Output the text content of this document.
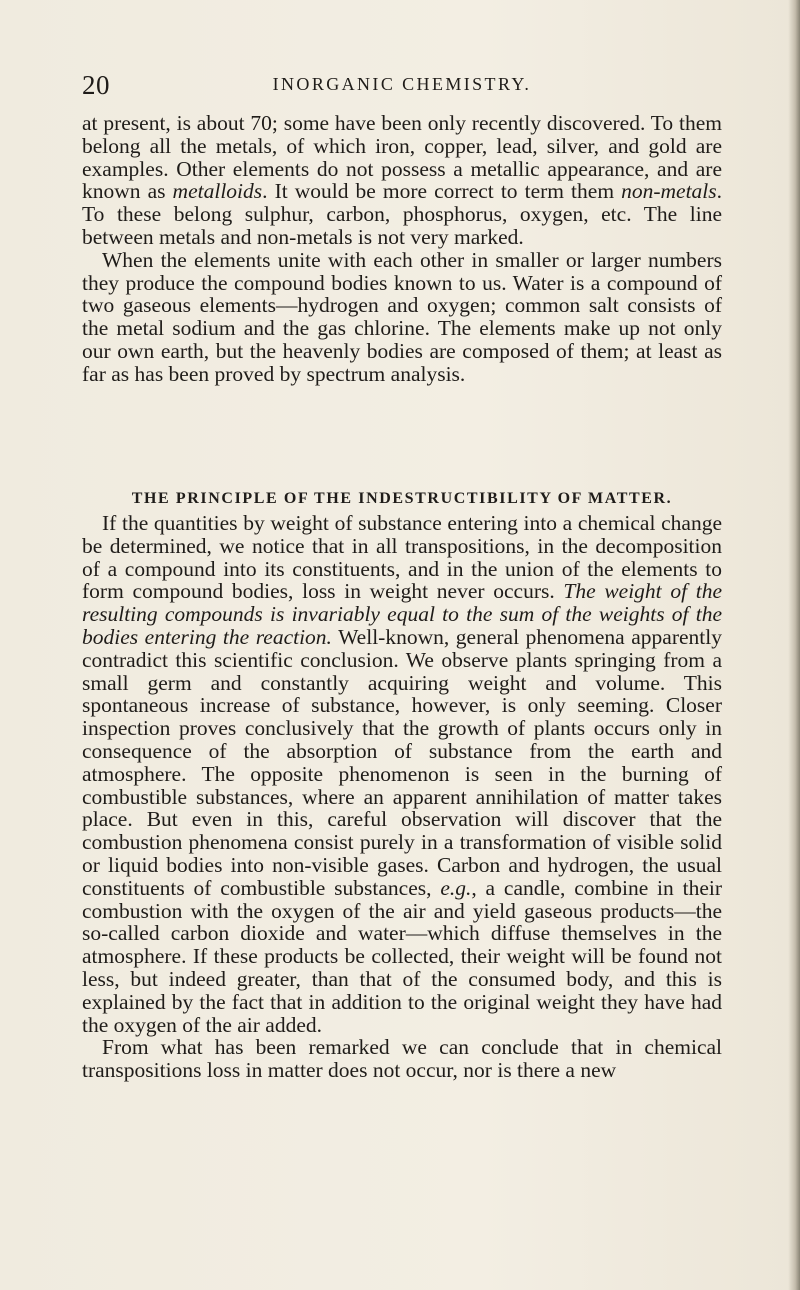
20	INORGANIC CHEMISTRY.

at present, is about 70; some have been only recently discovered. To them belong all the metals, of which iron, copper, lead, silver, and gold are examples. Other elements do not possess a metallic appearance, and are known as metalloids. It would be more correct to term them non-metals. To these belong sulphur, carbon, phosphorus, oxygen, etc. The line between metals and non-metals is not very marked.

When the elements unite with each other in smaller or larger numbers they produce the compound bodies known to us. Water is a compound of two gaseous elements—hydrogen and oxygen; common salt consists of the metal sodium and the gas chlorine. The elements make up not only our own earth, but the heavenly bodies are composed of them; at least as far as has been proved by spectrum analysis.

THE PRINCIPLE OF THE INDESTRUCTIBILITY OF MATTER.

If the quantities by weight of substance entering into a chemical change be determined, we notice that in all transpositions, in the decomposition of a compound into its constituents, and in the union of the elements to form compound bodies, loss in weight never occurs. The weight of the resulting compounds is invariably equal to the sum of the weights of the bodies entering the reaction. Well-known, general phenomena apparently contradict this scientific conclusion. We observe plants springing from a small germ and constantly acquiring weight and volume. This spontaneous increase of substance, however, is only seeming. Closer inspection proves conclusively that the growth of plants occurs only in consequence of the absorption of substance from the earth and atmosphere. The opposite phenomenon is seen in the burning of combustible substances, where an apparent annihilation of matter takes place. But even in this, careful observation will discover that the combustion phenomena consist purely in a transformation of visible solid or liquid bodies into non-visible gases. Carbon and hydrogen, the usual constituents of combustible substances, e.g., a candle, combine in their combustion with the oxygen of the air and yield gaseous products—the so-called carbon dioxide and water—which diffuse themselves in the atmosphere. If these products be collected, their weight will be found not less, but indeed greater, than that of the consumed body, and this is explained by the fact that in addition to the original weight they have had the oxygen of the air added.

From what has been remarked we can conclude that in chemical transpositions loss in matter does not occur, nor is there a new
